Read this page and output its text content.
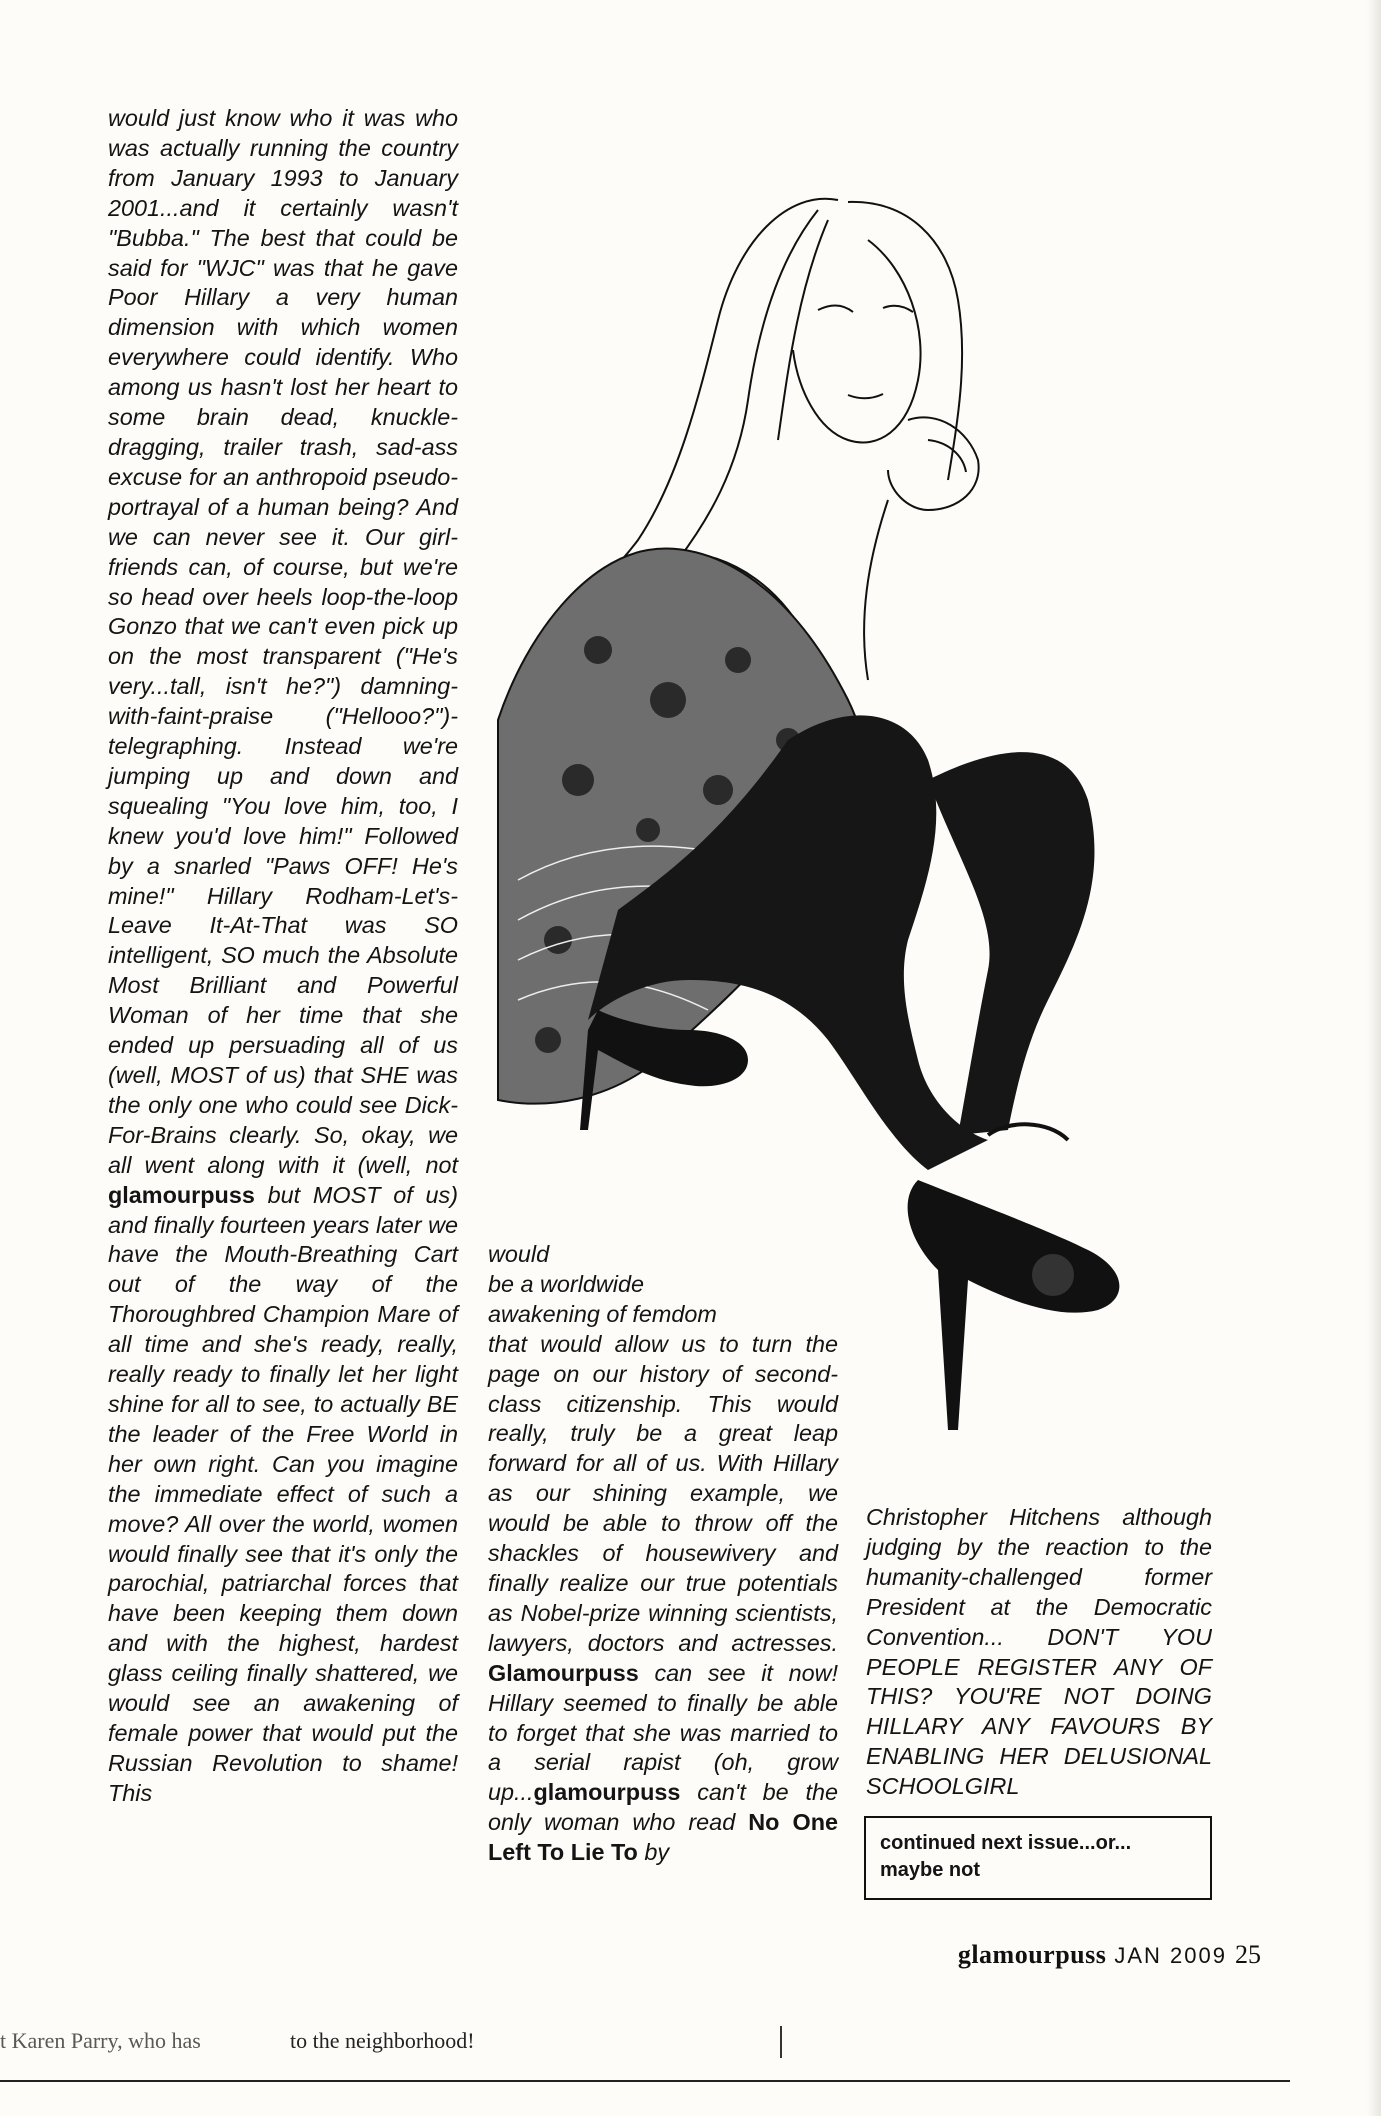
would just know who it was who was actually running the country from January 1993 to January 2001...and it certainly wasn't "Bubba." The best that could be said for "WJC" was that he gave Poor Hillary a very human dimension with which women everywhere could identify. Who among us hasn't lost her heart to some brain dead, knuckle-dragging, trailer trash, sad-ass excuse for an anthropoid pseudo-portrayal of a human being? And we can never see it. Our girl-friends can, of course, but we're so head over heels loop-the-loop Gonzo that we can't even pick up on the most transparent ("He's very...tall, isn't he?") damning-with-faint-praise ("Hellooo?")-telegraphing. Instead we're jumping up and down and squealing "You love him, too, I knew you'd love him!" Followed by a snarled "Paws OFF! He's mine!" Hillary Rodham-Let's-Leave It-At-That was SO intelligent, SO much the Absolute Most Brilliant and Powerful Woman of her time that she ended up persuading all of us (well, MOST of us) that SHE was the only one who could see Dick-For-Brains clearly. So, okay, we all went along with it (well, not glamourpuss but MOST of us) and finally fourteen years later we have the Mouth-Breathing Cart out of the way of the Thoroughbred Champion Mare of all time and she's ready, really, really ready to finally let her light shine for all to see, to actually BE the leader of the Free World in her own right. Can you imagine the immediate effect of such a move? All over the world, women would finally see that it's only the parochial, patriarchal forces that have been keeping them down and with the highest, hardest glass ceiling finally shattered, we would see an awakening of female power that would put the Russian Revolution to shame! This

would
be a worldwide
awakening of femdom
that would allow us to turn the page on our history of second-class citizenship. This would really, truly be a great leap forward for all of us. With Hillary as our shining example, we would be able to throw off the shackles of housewivery and finally realize our true potentials as Nobel-prize winning scientists, lawyers, doctors and actresses. Glamourpuss can see it now! Hillary seemed to finally be able to forget that she was married to a serial rapist (oh, grow up...glamourpuss can't be the only woman who read No One Left To Lie To by

Christopher Hitchens although judging by the reaction to the humanity-challenged former President at the Democratic Convention... DON'T YOU PEOPLE REGISTER ANY OF THIS? YOU'RE NOT DOING HILLARY ANY FAVOURS BY ENABLING HER DELUSIONAL SCHOOLGIRL

continued next issue...or... maybe not
glamourpuss JAN 2009 25
t Karen Parry, who has	to the neighborhood!
